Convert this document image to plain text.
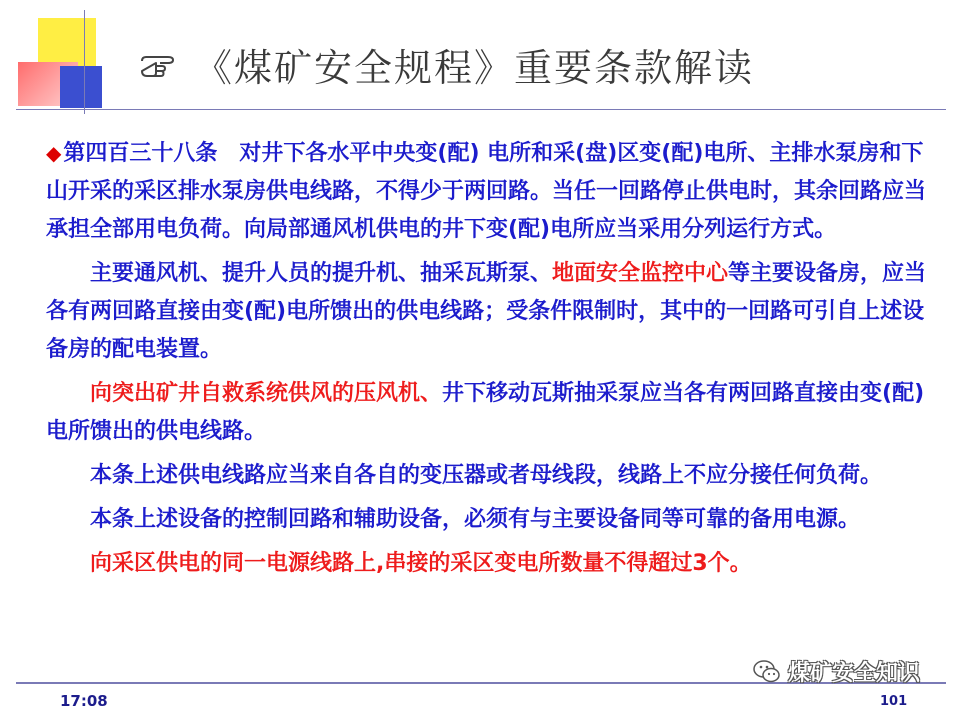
《煤矿安全规程》重要条款解读

◆第四百三十八条　对井下各水平中央变(配) 电所和采(盘)区变(配)电所、主排水泵房和下山开采的采区排水泵房供电线路，不得少于两回路。当任一回路停止供电时，其余回路应当承担全部用电负荷。向局部通风机供电的井下变(配)电所应当采用分列运行方式。

主要通风机、提升人员的提升机、抽采瓦斯泵、地面安全监控中心等主要设备房，应当各有两回路直接由变(配)电所馈出的供电线路；受条件限制时，其中的一回路可引自上述设备房的配电装置。

向突出矿井自救系统供风的压风机、井下移动瓦斯抽采泵应当各有两回路直接由变(配)电所馈出的供电线路。

本条上述供电线路应当来自各自的变压器或者母线段，线路上不应分接任何负荷。

本条上述设备的控制回路和辅助设备，必须有与主要设备同等可靠的备用电源。

向采区供电的同一电源线路上,串接的采区变电所数量不得超过3个。

17:08	101
煤矿安全知识
